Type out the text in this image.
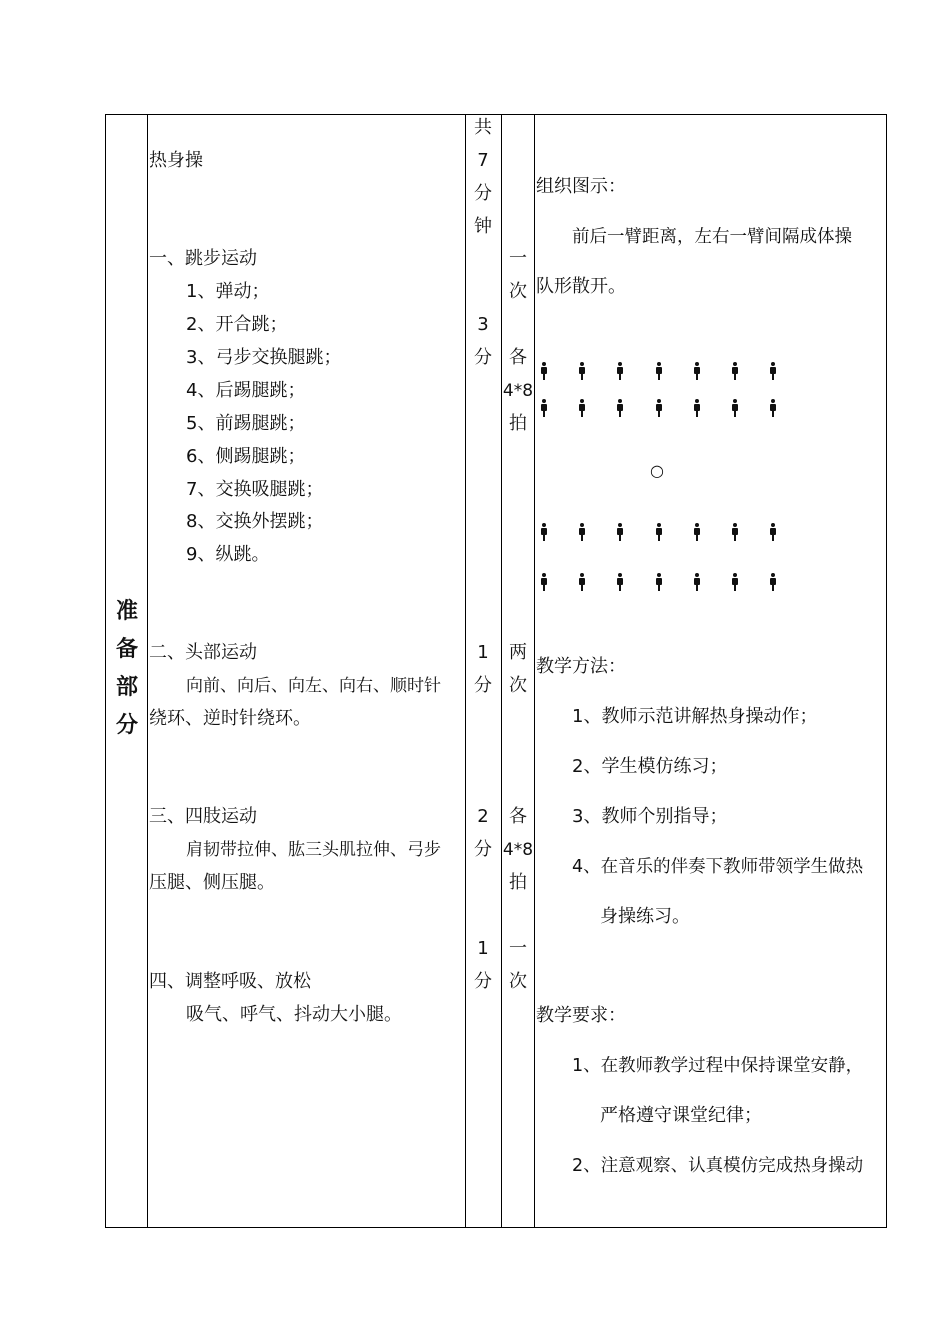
准
备
部
分
热身操
一、跳步运动
1、弹动；
2、开合跳；
3、弓步交换腿跳；
4、后踢腿跳；
5、前踢腿跳；
6、侧踢腿跳；
7、交换吸腿跳；
8、交换外摆跳；
9、纵跳。
二、头部运动
向前、向后、向左、向右、顺时针
绕环、逆时针绕环。
三、四肢运动
肩韧带拉伸、肱三头肌拉伸、弓步
压腿、侧压腿。
四、调整呼吸、放松
吸气、呼气、抖动大小腿。
共
7
分
钟
3
分
1
分
2
分
1
分
一
次
各
4*8
拍
两
次
各
4*8
拍
一
次
组织图示：
前后一臂距离，左右一臂间隔成体操
队形散开。
○
教学方法：
1、教师示范讲解热身操动作；
2、学生模仿练习；
3、教师个别指导；
4、在音乐的伴奏下教师带领学生做热
身操练习。
教学要求：
1、在教师教学过程中保持课堂安静，
严格遵守课堂纪律；
2、注意观察、认真模仿完成热身操动
